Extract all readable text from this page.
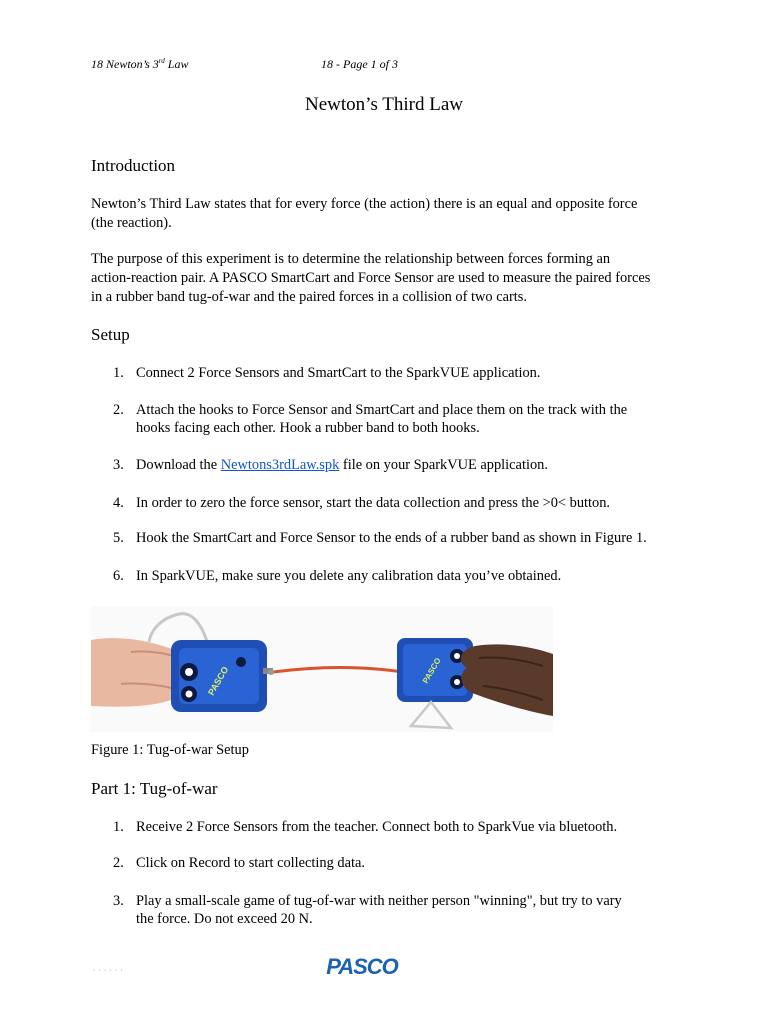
18 Newton’s 3rd Law	18 - Page 1 of 3
Newton’s Third Law
Introduction
Newton’s Third Law states that for every force (the action) there is an equal and opposite force
(the reaction).
The purpose of this experiment is to determine the relationship between forces forming an
action-reaction pair. A PASCO SmartCart and Force Sensor are used to measure the paired forces
in a rubber band tug-of-war and the paired forces in a collision of two carts.
Setup
1. Connect 2 Force Sensors and SmartCart to the SparkVUE application.
2. Attach the hooks to Force Sensor and SmartCart and place them on the track with the
hooks facing each other. Hook a rubber band to both hooks.
3. Download the Newtons3rdLaw.spk file on your SparkVUE application.
4. In order to zero the force sensor, start the data collection and press the >0< button.
5. Hook the SmartCart and Force Sensor to the ends of a rubber band as shown in Figure 1.
6. In SparkVUE, make sure you delete any calibration data you’ve obtained.
PASCO	PASCO
Figure 1: Tug-of-war Setup
Part 1: Tug-of-war
1. Receive 2 Force Sensors from the teacher. Connect both to SparkVue via bluetooth.
2. Click on Record to start collecting data.
3. Play a small-scale game of tug-of-war with neither person "winning", but try to vary
the force. Do not exceed 20 N.
· · · · · ·	PASCO
